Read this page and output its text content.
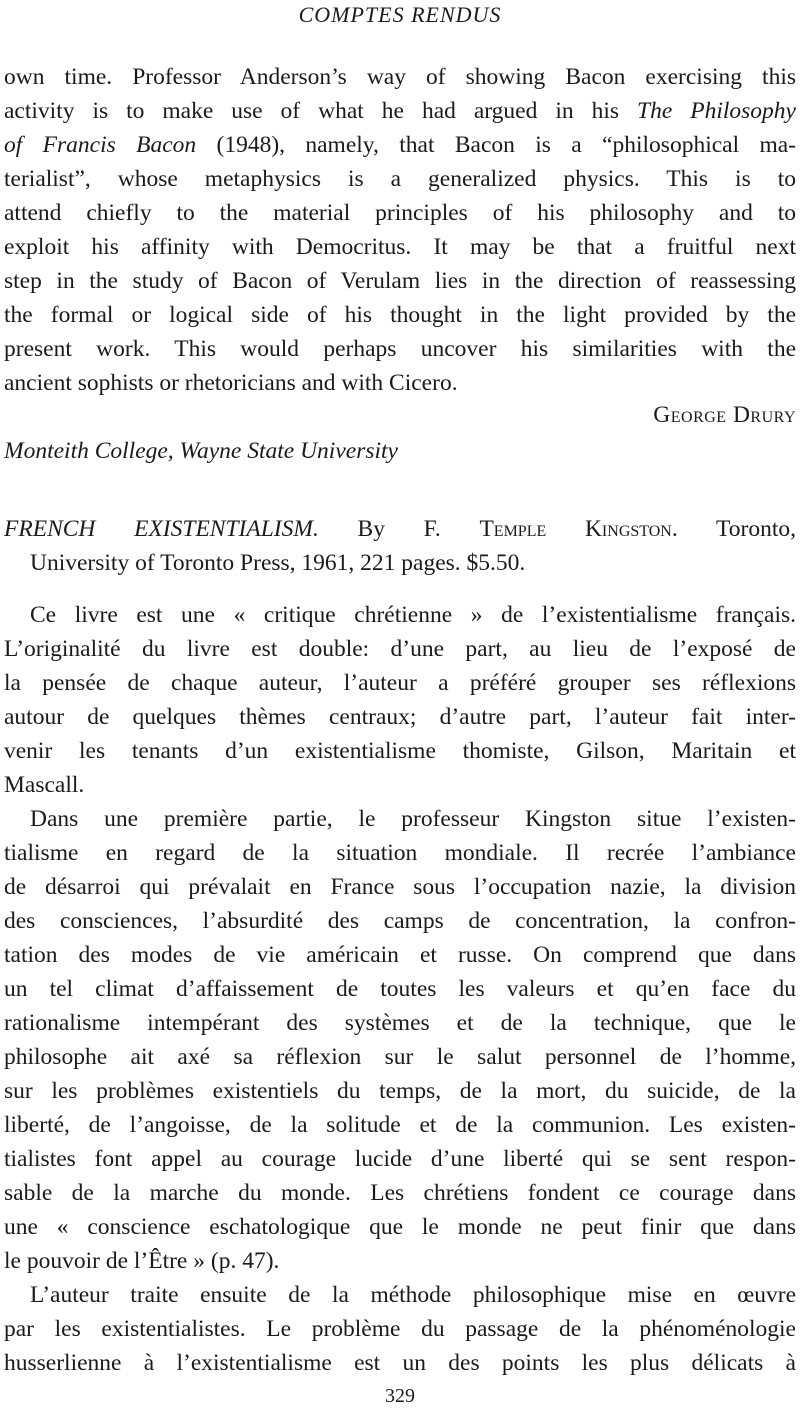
COMPTES RENDUS
own time. Professor Anderson’s way of showing Bacon exercising this
activity is to make use of what he had argued in his The Philosophy
of Francis Bacon (1948), namely, that Bacon is a “philosophical ma-
terialist”, whose metaphysics is a generalized physics. This is to
attend chiefly to the material principles of his philosophy and to
exploit his affinity with Democritus. It may be that a fruitful next
step in the study of Bacon of Verulam lies in the direction of reassessing
the formal or logical side of his thought in the light provided by the
present work. This would perhaps uncover his similarities with the
ancient sophists or rhetoricians and with Cicero.
George Drury
Monteith College, Wayne State University
FRENCH EXISTENTIALISM. By F. Temple Kingston. Toronto,
University of Toronto Press, 1961, 221 pages. $5.50.
Ce livre est une « critique chrétienne » de l’existentialisme français.
L’originalité du livre est double: d’une part, au lieu de l’exposé de
la pensée de chaque auteur, l’auteur a préféré grouper ses réflexions
autour de quelques thèmes centraux; d’autre part, l’auteur fait inter-
venir les tenants d’un existentialisme thomiste, Gilson, Maritain et
Mascall.
Dans une première partie, le professeur Kingston situe l’existen-
tialisme en regard de la situation mondiale. Il recrée l’ambiance
de désarroi qui prévalait en France sous l’occupation nazie, la division
des consciences, l’absurdité des camps de concentration, la confron-
tation des modes de vie américain et russe. On comprend que dans
un tel climat d’affaissement de toutes les valeurs et qu’en face du
rationalisme intempérant des systèmes et de la technique, que le
philosophe ait axé sa réflexion sur le salut personnel de l’homme,
sur les problèmes existentiels du temps, de la mort, du suicide, de la
liberté, de l’angoisse, de la solitude et de la communion. Les existen-
tialistes font appel au courage lucide d’une liberté qui se sent respon-
sable de la marche du monde. Les chrétiens fondent ce courage dans
une « conscience eschatologique que le monde ne peut finir que dans
le pouvoir de l’Être » (p. 47).
L’auteur traite ensuite de la méthode philosophique mise en œuvre
par les existentialistes. Le problème du passage de la phénoménologie
husserlienne à l’existentialisme est un des points les plus délicats à
329
